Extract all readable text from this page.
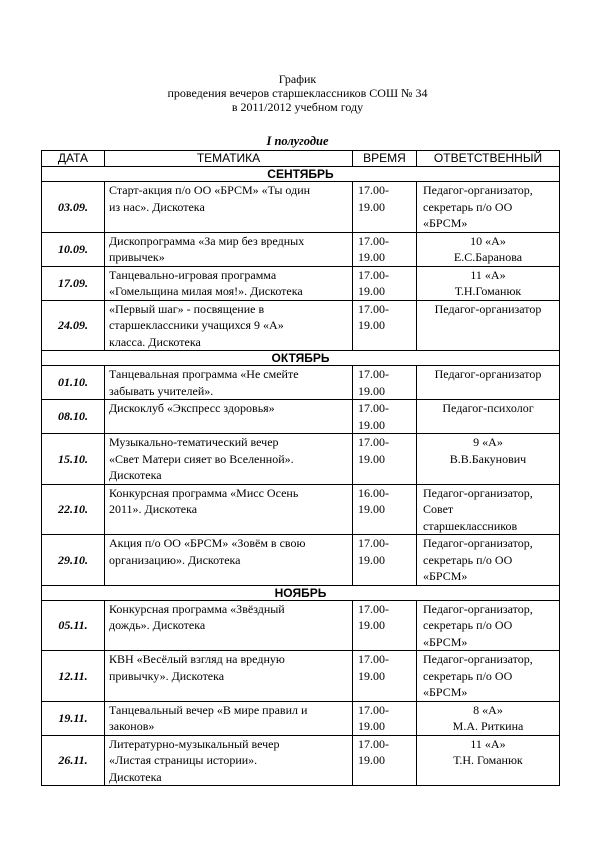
График
проведения вечеров старшеклассников СОШ № 34
в 2011/2012 учебном году
I полугодие
ДАТА	ТЕМАТИКА	ВРЕМЯ	ОТВЕТСТВЕННЫЙ
СЕНТЯБРЬ			
03.09.	Старт-акция п/о ОО «БРСМ» «Ты один
из нас». Дискотека	17.00-
19.00	Педагог-организатор,
секретарь п/о ОО
«БРСМ»

10.09.	Дископрограмма «За мир без вредных
привычек»	17.00-
19.00	10 «А»
Е.С.Баранова

17.09.	Танцевально-игровая программа
«Гомельщина милая моя!». Дискотека	17.00-
19.00	11 «А»
Т.Н.Гоманюк

24.09.	«Первый шаг» - посвящение в
старшеклассники учащихся 9 «А»
класса. Дискотека	17.00-
19.00	Педагог-организатор

ОКТЯБРЬ			
01.10.	Танцевальная программа «Не смейте
забывать учителей».	17.00-
19.00	Педагог-организатор

08.10.	Дискоклуб «Экспресс здоровья»	17.00-
19.00	Педагог-психолог

15.10.	Музыкально-тематический вечер
«Свет Матери сияет во Вселенной».
Дискотека	17.00-
19.00	9 «А»
В.В.Бакунович

22.10.	Конкурсная программа «Мисс Осень
2011». Дискотека	16.00-
19.00	Педагог-организатор,
Совет
старшеклассников

29.10.	Акция п/о ОО «БРСМ» «Зовём в свою
организацию». Дискотека	17.00-
19.00	Педагог-организатор,
секретарь п/о ОО
«БРСМ»

НОЯБРЬ			
05.11.	Конкурсная программа «Звёздный
дождь». Дискотека	17.00-
19.00	Педагог-организатор,
секретарь п/о ОО
«БРСМ»

12.11.	КВН «Весёлый взгляд на вредную
привычку». Дискотека	17.00-
19.00	Педагог-организатор,
секретарь п/о ОО
«БРСМ»

19.11.	Танцевальный вечер «В мире правил и
законов»	17.00-
19.00	8 «А»
М.А. Риткина

26.11.	Литературно-музыкальный вечер
«Листая страницы истории».
Дискотека	17.00-
19.00	11 «А»
Т.Н. Гоманюк
